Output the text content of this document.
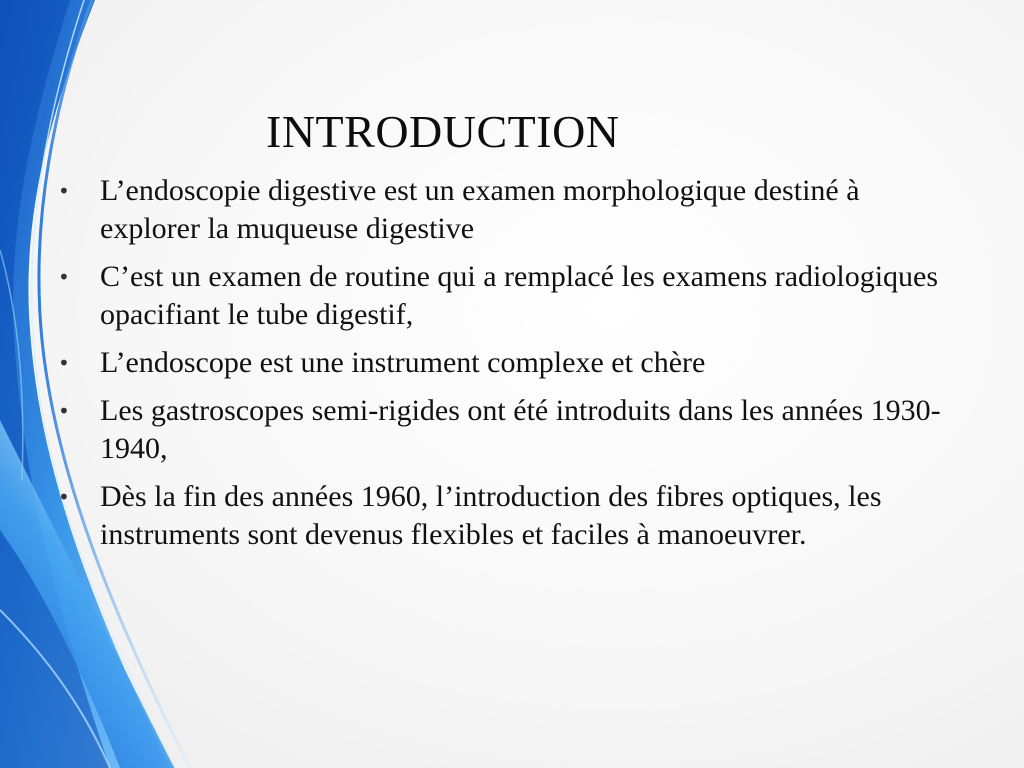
INTRODUCTION
• L’endoscopie digestive est un examen morphologique destiné à explorer la muqueuse digestive
• C’est un examen de routine qui a remplacé les examens radiologiques opacifiant le tube digestif,
• L’endoscope est une instrument complexe et chère
• Les gastroscopes semi-rigides ont été introduits dans les années 1930-1940,
• Dès la fin des années 1960, l’introduction des fibres optiques, les instruments sont devenus flexibles et faciles à manoeuvrer.
